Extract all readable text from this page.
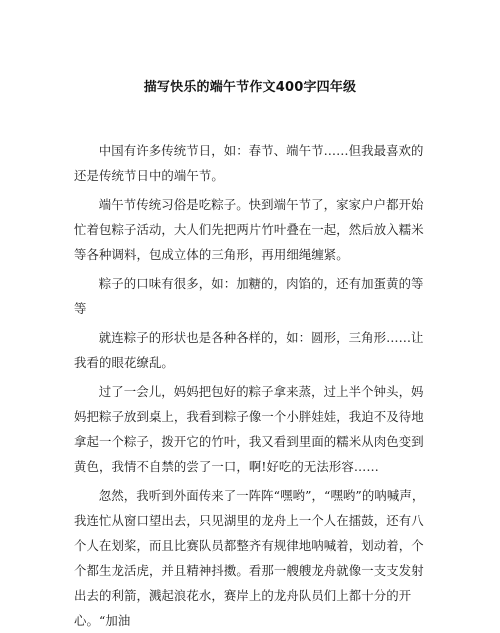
描写快乐的端午节作文400字四年级

中国有许多传统节日，如：春节、端午节……但我最喜欢的还是传统节日中的端午节。

端午节传统习俗是吃粽子。快到端午节了，家家户户都开始忙着包粽子活动，大人们先把两片竹叶叠在一起，然后放入糯米等各种调料，包成立体的三角形，再用细绳缠紧。

粽子的口味有很多，如：加糖的，肉馅的，还有加蛋黄的等等

就连粽子的形状也是各种各样的，如：圆形，三角形……让我看的眼花缭乱。

过了一会儿，妈妈把包好的粽子拿来蒸，过上半个钟头，妈妈把粽子放到桌上，我看到粽子像一个小胖娃娃，我迫不及待地拿起一个粽子，拨开它的竹叶，我又看到里面的糯米从肉色变到黄色，我情不自禁的尝了一口，啊!好吃的无法形容……

忽然，我听到外面传来了一阵阵“嘿哟”，“嘿哟”的呐喊声，我连忙从窗口望出去，只见湖里的龙舟上一个人在擂鼓，还有八个人在划桨，而且比赛队员都整齐有规律地呐喊着，划动着，个个都生龙活虎，并且精神抖擞。看那一艘艘龙舟就像一支支发射出去的利箭，溅起浪花水，赛岸上的龙舟队员们上都十分的开心。“加油
